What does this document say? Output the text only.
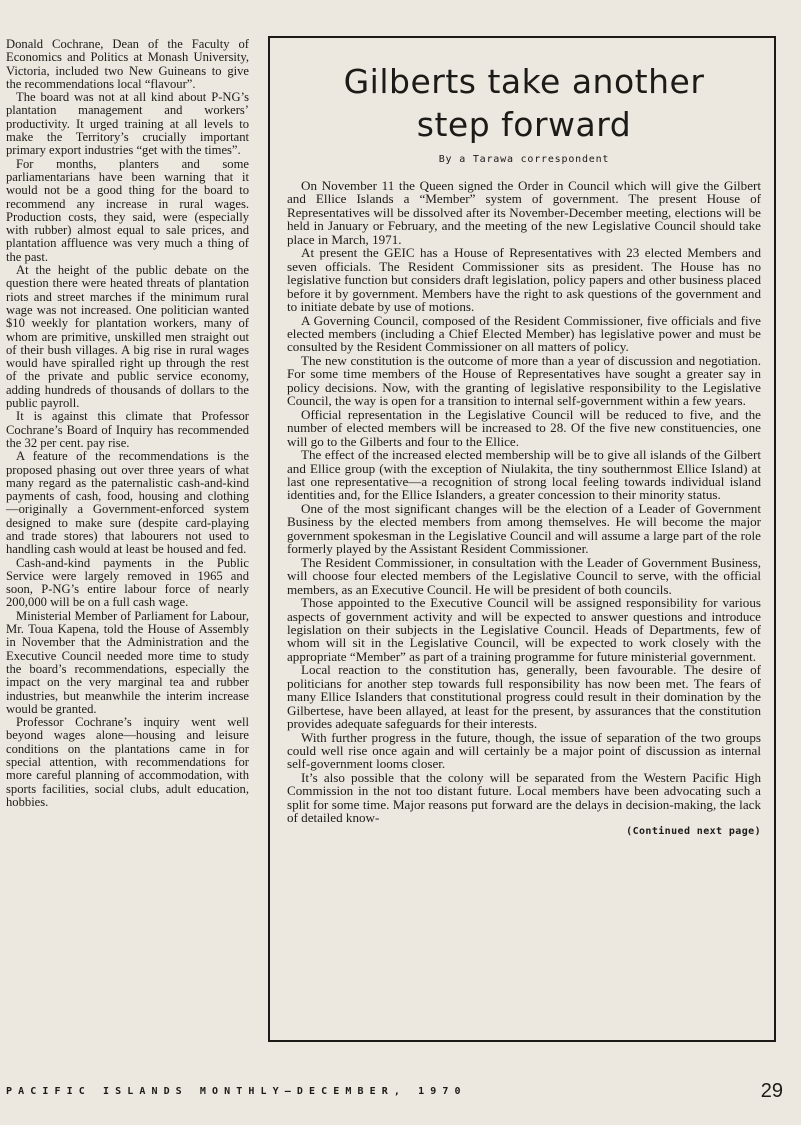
Donald Cochrane, Dean of the Faculty of Economics and Politics at Monash University, Victoria, included two New Guineans to give the recommendations local “flavour”.

The board was not at all kind about P-NG’s plantation management and workers’ productivity. It urged training at all levels to make the Territory’s crucially important primary export industries “get with the times”.

For months, planters and some parliamentarians have been warning that it would not be a good thing for the board to recommend any increase in rural wages. Production costs, they said, were (especially with rubber) almost equal to sale prices, and plantation affluence was very much a thing of the past.

At the height of the public debate on the question there were heated threats of plantation riots and street marches if the minimum rural wage was not increased. One politician wanted $10 weekly for plantation workers, many of whom are primitive, unskilled men straight out of their bush villages. A big rise in rural wages would have spiralled right up through the rest of the private and public service economy, adding hundreds of thousands of dollars to the public payroll.

It is against this climate that Professor Cochrane’s Board of Inquiry has recommended the 32 per cent. pay rise.

A feature of the recommendations is the proposed phasing out over three years of what many regard as the paternalistic cash-and-kind payments of cash, food, housing and clothing —originally a Government-enforced system designed to make sure (despite card-playing and trade stores) that labourers not used to handling cash would at least be housed and fed.

Cash-and-kind payments in the Public Service were largely removed in 1965 and soon, P-NG’s entire labour force of nearly 200,000 will be on a full cash wage.

Ministerial Member of Parliament for Labour, Mr. Toua Kapena, told the House of Assembly in November that the Administration and the Executive Council needed more time to study the board’s recommendations, especially the impact on the very marginal tea and rubber industries, but meanwhile the interim increase would be granted.

Professor Cochrane’s inquiry went well beyond wages alone—housing and leisure conditions on the plantations came in for special attention, with recommendations for more careful planning of accommodation, with sports facilities, social clubs, adult education, hobbies.

Gilberts take another
step forward
By a Tarawa correspondent

On November 11 the Queen signed the Order in Council which will give the Gilbert and Ellice Islands a “Member” system of government. The present House of Representatives will be dissolved after its November-December meeting, elections will be held in January or February, and the meeting of the new Legislative Council should take place in March, 1971.

At present the GEIC has a House of Representatives with 23 elected Members and seven officials. The Resident Commissioner sits as president. The House has no legislative function but considers draft legislation, policy papers and other business placed before it by government. Members have the right to ask questions of the government and to initiate debate by use of motions.

A Governing Council, composed of the Resident Commissioner, five officials and five elected members (including a Chief Elected Member) has legislative power and must be consulted by the Resident Commissioner on all matters of policy.

The new constitution is the outcome of more than a year of discussion and negotiation. For some time members of the House of Representatives have sought a greater say in policy decisions. Now, with the granting of legislative responsibility to the Legislative Council, the way is open for a transition to internal self-government within a few years.

Official representation in the Legislative Council will be reduced to five, and the number of elected members will be increased to 28. Of the five new constituencies, one will go to the Gilberts and four to the Ellice.

The effect of the increased elected membership will be to give all islands of the Gilbert and Ellice group (with the exception of Niulakita, the tiny southernmost Ellice Island) at last one representative—a recognition of strong local feeling towards individual island identities and, for the Ellice Islanders, a greater concession to their minority status.

One of the most significant changes will be the election of a Leader of Government Business by the elected members from among themselves. He will become the major government spokesman in the Legislative Council and will assume a large part of the role formerly played by the Assistant Resident Commissioner.

The Resident Commissioner, in consultation with the Leader of Government Business, will choose four elected members of the Legislative Council to serve, with the official members, as an Executive Council. He will be president of both councils.

Those appointed to the Executive Council will be assigned responsibility for various aspects of government activity and will be expected to answer questions and introduce legislation on their subjects in the Legislative Council. Heads of Departments, few of whom will sit in the Legislative Council, will be expected to work closely with the appropriate “Member” as part of a training programme for future ministerial government.

Local reaction to the constitution has, generally, been favourable. The desire of politicians for another step towards full responsibility has now been met. The fears of many Ellice Islanders that constitutional progress could result in their domination by the Gilbertese, have been allayed, at least for the present, by assurances that the constitution provides adequate safeguards for their interests.

With further progress in the future, though, the issue of separation of the two groups could well rise once again and will certainly be a major point of discussion as internal self-government looms closer.

It’s also possible that the colony will be separated from the Western Pacific High Commission in the not too distant future. Local members have been advocating such a split for some time. Major reasons put forward are the delays in decision-making, the lack of detailed know-

(Continued next page)
PACIFIC ISLANDS MONTHLY—DECEMBER, 1970	29
